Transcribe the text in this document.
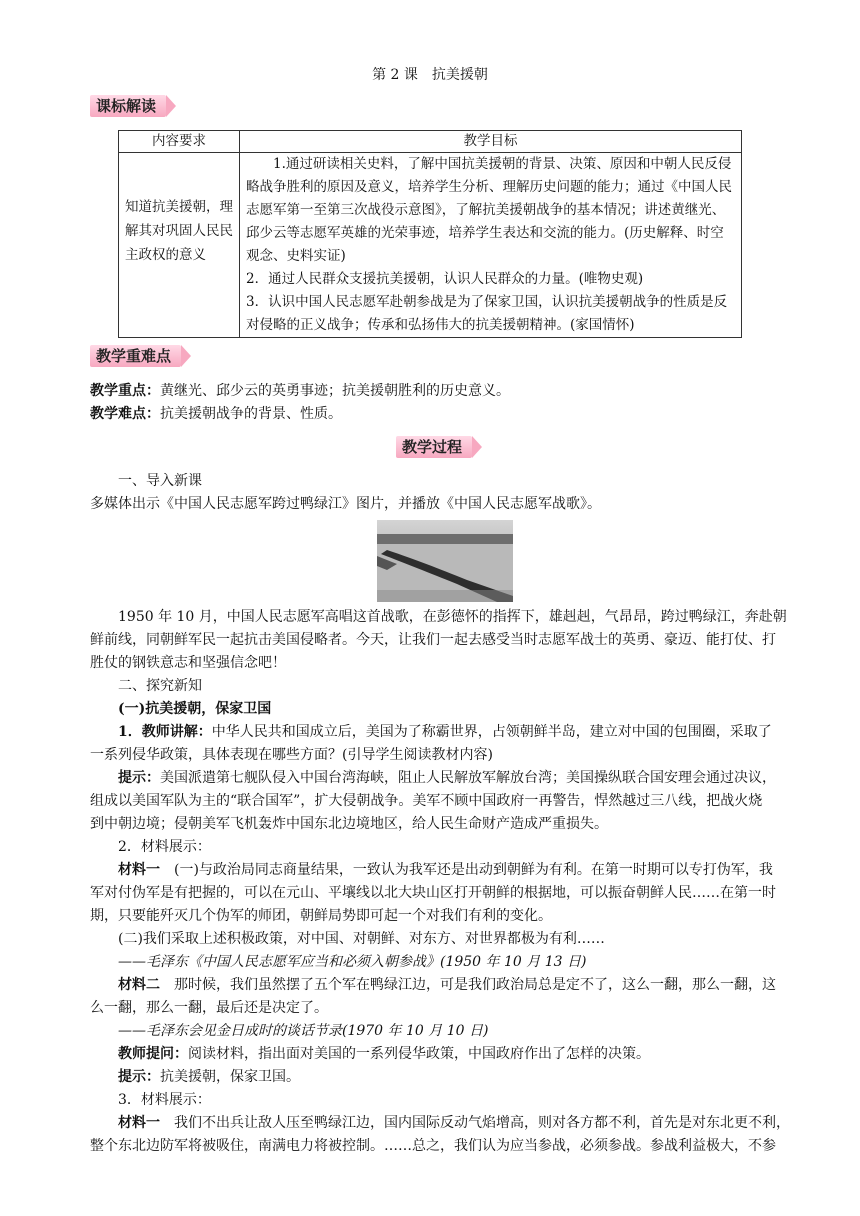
第 2 课　抗美援朝
课标解读
内容要求	教学目标
知道抗美援朝，理解其对巩固人民民主政权的意义	1.通过研读相关史料，了解中国抗美援朝的背景、决策、原因和中朝人民反侵略战争胜利的原因及意义，培养学生分析、理解历史问题的能力；通过《中国人民志愿军第一至第三次战役示意图》，了解抗美援朝战争的基本情况；讲述黄继光、邱少云等志愿军英雄的光荣事迹，培养学生表达和交流的能力。(历史解释、时空观念、史料实证)
2．通过人民群众支援抗美援朝，认识人民群众的力量。(唯物史观)
3．认识中国人民志愿军赴朝参战是为了保家卫国，认识抗美援朝战争的性质是反对侵略的正义战争；传承和弘扬伟大的抗美援朝精神。(家国情怀)
教学重难点
教学重点：黄继光、邱少云的英勇事迹；抗美援朝胜利的历史意义。
教学难点：抗美援朝战争的背景、性质。
教学过程
一、导入新课
多媒体出示《中国人民志愿军跨过鸭绿江》图片，并播放《中国人民志愿军战歌》。
1950 年 10 月，中国人民志愿军高唱这首战歌，在彭德怀的指挥下，雄赳赳，气昂昂，跨过鸭绿江，奔赴朝
鲜前线，同朝鲜军民一起抗击美国侵略者。今天，让我们一起去感受当时志愿军战士的英勇、豪迈、能打仗、打
胜仗的钢铁意志和坚强信念吧！
二、探究新知
(一)抗美援朝，保家卫国
1．教师讲解：中华人民共和国成立后，美国为了称霸世界，占领朝鲜半岛，建立对中国的包围圈，采取了
一系列侵华政策，具体表现在哪些方面？(引导学生阅读教材内容)
提示：美国派遣第七舰队侵入中国台湾海峡，阻止人民解放军解放台湾；美国操纵联合国安理会通过决议，
组成以美国军队为主的“联合国军”，扩大侵朝战争。美军不顾中国政府一再警告，悍然越过三八线，把战火烧
到中朝边境；侵朝美军飞机轰炸中国东北边境地区，给人民生命财产造成严重损失。
2．材料展示：
材料一　(一)与政治局同志商量结果，一致认为我军还是出动到朝鲜为有利。在第一时期可以专打伪军，我
军对付伪军是有把握的，可以在元山、平壤线以北大块山区打开朝鲜的根据地，可以振奋朝鲜人民……在第一时
期，只要能歼灭几个伪军的师团，朝鲜局势即可起一个对我们有利的变化。
(二)我们采取上述积极政策，对中国、对朝鲜、对东方、对世界都极为有利……
——毛泽东《中国人民志愿军应当和必须入朝参战》(1950 年 10 月 13 日)
材料二　那时候，我们虽然摆了五个军在鸭绿江边，可是我们政治局总是定不了，这么一翻，那么一翻，这
么一翻，那么一翻，最后还是决定了。
——毛泽东会见金日成时的谈话节录(1970 年 10 月 10 日)
教师提问：阅读材料，指出面对美国的一系列侵华政策，中国政府作出了怎样的决策。
提示：抗美援朝，保家卫国。
3．材料展示：
材料一　我们不出兵让敌人压至鸭绿江边，国内国际反动气焰增高，则对各方都不利，首先是对东北更不利，
整个东北边防军将被吸住，南满电力将被控制。……总之，我们认为应当参战，必须参战。参战利益极大，不参
